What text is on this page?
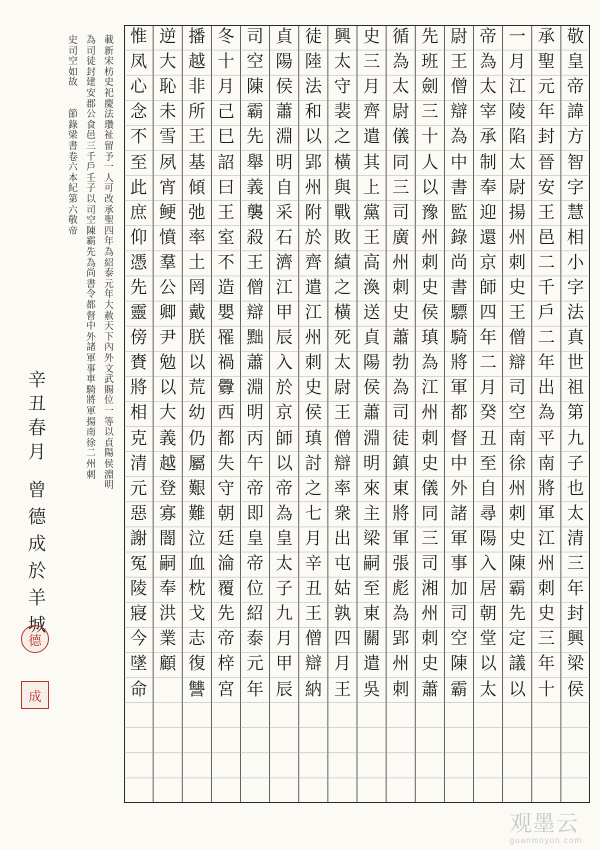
敬
皇
帝
諱
方
智
字
慧
相
小
字
法
真
世
祖
第
九
子
也
太
清
三
年
封
興
梁
侯
承
聖
元
年
封
晉
安
王
邑
二
千
戶
二
年
出
為
平
南
將
軍
江
州
刺
史
三
年
十
一
月
江
陵
陷
太
尉
揚
州
刺
史
王
僧
辯
司
空
南
徐
州
刺
史
陳
霸
先
定
議
以
帝
為
太
宰
承
制
奉
迎
還
京
師
四
年
二
月
癸
丑
至
自
尋
陽
入
居
朝
堂
以
太
尉
王
僧
辯
為
中
書
監
錄
尚
書
驃
騎
將
軍
都
督
中
外
諸
軍
事
加
司
空
陳
霸
先
班
劍
三
十
人
以
豫
州
刺
史
侯
瑱
為
江
州
刺
史
儀
同
三
司
湘
州
刺
史
蕭
循
為
太
尉
儀
同
三
司
廣
州
刺
史
蕭
勃
為
司
徒
鎮
東
將
軍
張
彪
為
郢
州
刺
史
三
月
齊
遣
其
上
黨
王
高
渙
送
貞
陽
侯
蕭
淵
明
來
主
梁
嗣
至
東
關
遣
吳
興
太
守
裴
之
橫
與
戰
敗
績
之
橫
死
太
尉
王
僧
辯
率
衆
出
屯
姑
孰
四
月
王
徒
陸
法
和
以
郢
州
附
於
齊
遣
江
州
刺
史
侯
瑱
討
之
七
月
辛
丑
王
僧
辯
納
貞
陽
侯
蕭
淵
明
自
采
石
濟
江
甲
辰
入
於
京
師
以
帝
為
皇
太
子
九
月
甲
辰
司
空
陳
霸
先
舉
義
襲
殺
王
僧
辯
黜
蕭
淵
明
丙
午
帝
即
皇
帝
位
紹
泰
元
年
冬
十
月
己
巳
詔
曰
王
室
不
造
嬰
罹
禍
釁
西
都
失
守
朝
廷
淪
覆
先
帝
梓
宮
播
越
非
所
王
基
傾
弛
率
土
罔
戴
朕
以
荒
幼
仍
屬
艱
難
泣
血
枕
戈
志
復
讐
逆
大
恥
未
雪
夙
宵
鲠
憤
羣
公
卿
尹
勉
以
大
義
越
登
寡
闇
嗣
奉
洪
業
顧
惟
凤
心
念
不
至
此
庶
仰
憑
先
靈
傍
賚
將
相
克
清
元
惡
謝
冤
陵
寢
今
墜
命
載
新
宋
枋
史
祀
慶
法
瓚
祉
留
予
一
人
可
改
承
聖
四
年
為
紹
泰
元
年
大
赦
天
下
內
外
文
武
賜
位
一
等
以
貞
陽
侯
淵
明
為
司
徒
封
建
安
郡
公
食
邑
三
千
戶
壬
子
以
司
空
陳
霸
先
為
尚
書
令
都
督
中
外
諸
軍
事
車
騎
將
軍
揚
南
徐
二
州
刺
史
司
空
如
故
節
錄
梁
書
卷
六
本
紀
第
六
敬
帝
辛
丑
春
月
曾
德
成
於
羊
城
德
成
观墨云
guanmoyun.com
